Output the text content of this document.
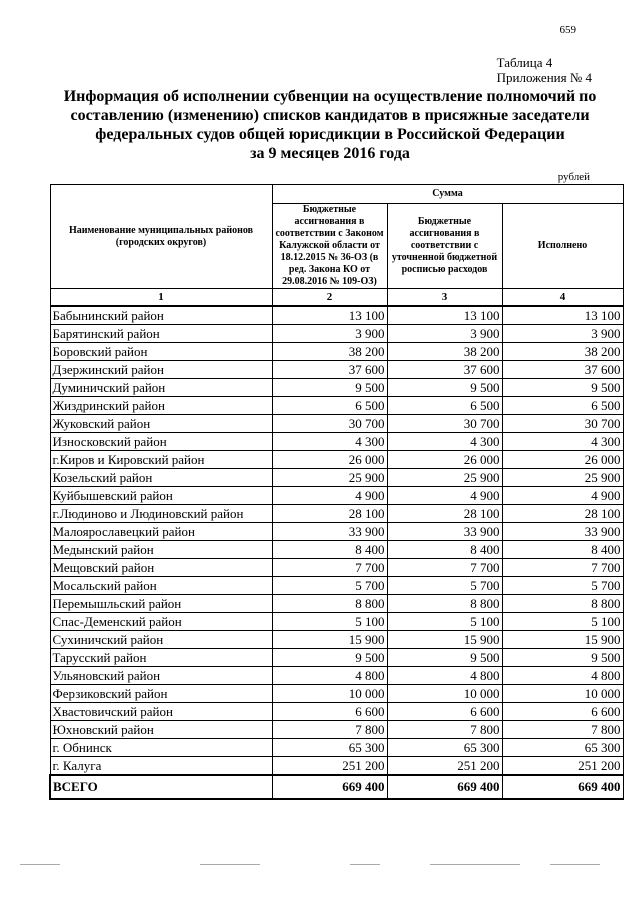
659
Таблица 4
Приложения № 4
Информация об исполнении субвенции на осуществление полномочий по
составлению (изменению) списков кандидатов в присяжные заседатели
федеральных судов общей юрисдикции в Российской Федерации
за 9 месяцев 2016 года
рублей
Наименование муниципальных районов (городских округов)	Сумма		
	Бюджетные ассигнования в соответствии с Законом Калужской области от 18.12.2015 № 36-ОЗ (в ред. Закона КО от 29.08.2016 № 109-ОЗ)	Бюджетные ассигнования в соответствии с уточненной бюджетной росписью расходов	Исполнено
1	2	3	4
Бабынинский район	13 100	13 100	13 100
Барятинский район	3 900	3 900	3 900
Боровский район	38 200	38 200	38 200
Дзержинский район	37 600	37 600	37 600
Думиничский район	9 500	9 500	9 500
Жиздринский район	6 500	6 500	6 500
Жуковский район	30 700	30 700	30 700
Износковский район	4 300	4 300	4 300
г.Киров и Кировский район	26 000	26 000	26 000
Козельский район	25 900	25 900	25 900
Куйбышевский район	4 900	4 900	4 900
г.Людиново и Людиновский район	28 100	28 100	28 100
Малоярославецкий район	33 900	33 900	33 900
Медынский район	8 400	8 400	8 400
Мещовский район	7 700	7 700	7 700
Мосальский район	5 700	5 700	5 700
Перемышльский район	8 800	8 800	8 800
Спас-Деменский район	5 100	5 100	5 100
Сухиничский район	15 900	15 900	15 900
Тарусский район	9 500	9 500	9 500
Ульяновский район	4 800	4 800	4 800
Ферзиковский район	10 000	10 000	10 000
Хвастовичский район	6 600	6 600	6 600
Юхновский район	7 800	7 800	7 800
г. Обнинск	65 300	65 300	65 300
г. Калуга	251 200	251 200	251 200
ВСЕГО	669 400	669 400	669 400
